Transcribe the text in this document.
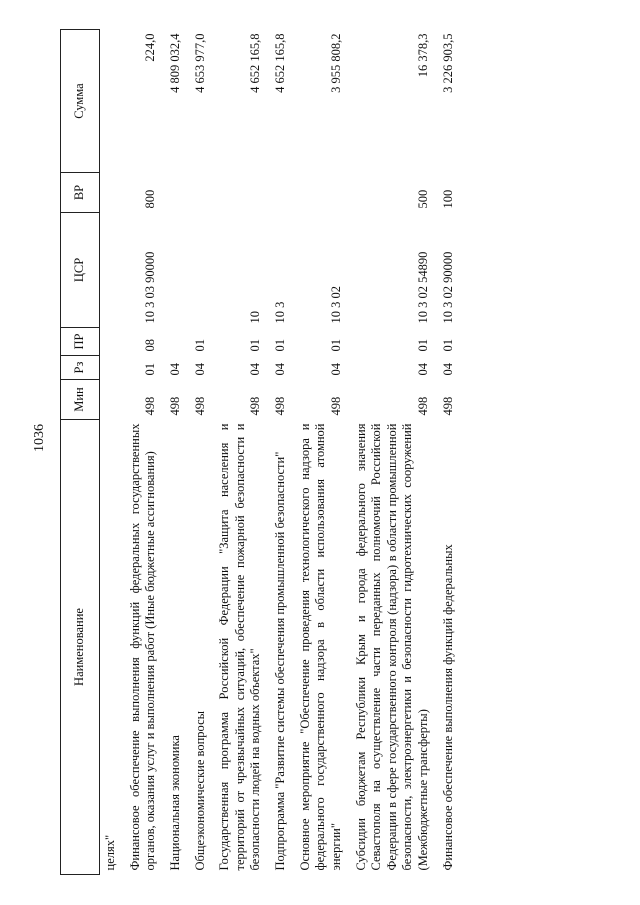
1036
Наименование	Мин	Рз	ПР	ЦСР	ВР	Сумма
целях"						
Финансовое обеспечение выполнения функций федеральных государственных органов, оказания услуг и выполнения работ (Иные бюджетные ассигнования)	498	01	08	10 3 03 90000	800	224,0
Национальная экономика	498	04				4 809 032,4
Общеэкономические вопросы	498	04	01			4 653 977,0
Государственная программа Российской Федерации "Защита населения и территорий от чрезвычайных ситуаций, обеспечение пожарной безопасности и безопасности людей на водных объектах"	498	04	01	10		4 652 165,8
Подпрограмма "Развитие системы обеспечения промышленной безопасности"	498	04	01	10 3		4 652 165,8
Основное мероприятие "Обеспечение проведения технологического надзора и федерального государственного надзора в области использования атомной энергии"	498	04	01	10 3 02		3 955 808,2
Субсидии бюджетам Республики Крым и города федерального значения Севастополя на осуществление части переданных полномочий Российской Федерации в сфере государственного контроля (надзора) в области промышленной безопасности, электроэнергетики и безопасности гидротехнических сооружений (Межбюджетные трансферты)	498	04	01	10 3 02 54890	500	16 378,3
Финансовое обеспечение выполнения функций федеральных	498	04	01	10 3 02 90000	100	3 226 903,5
